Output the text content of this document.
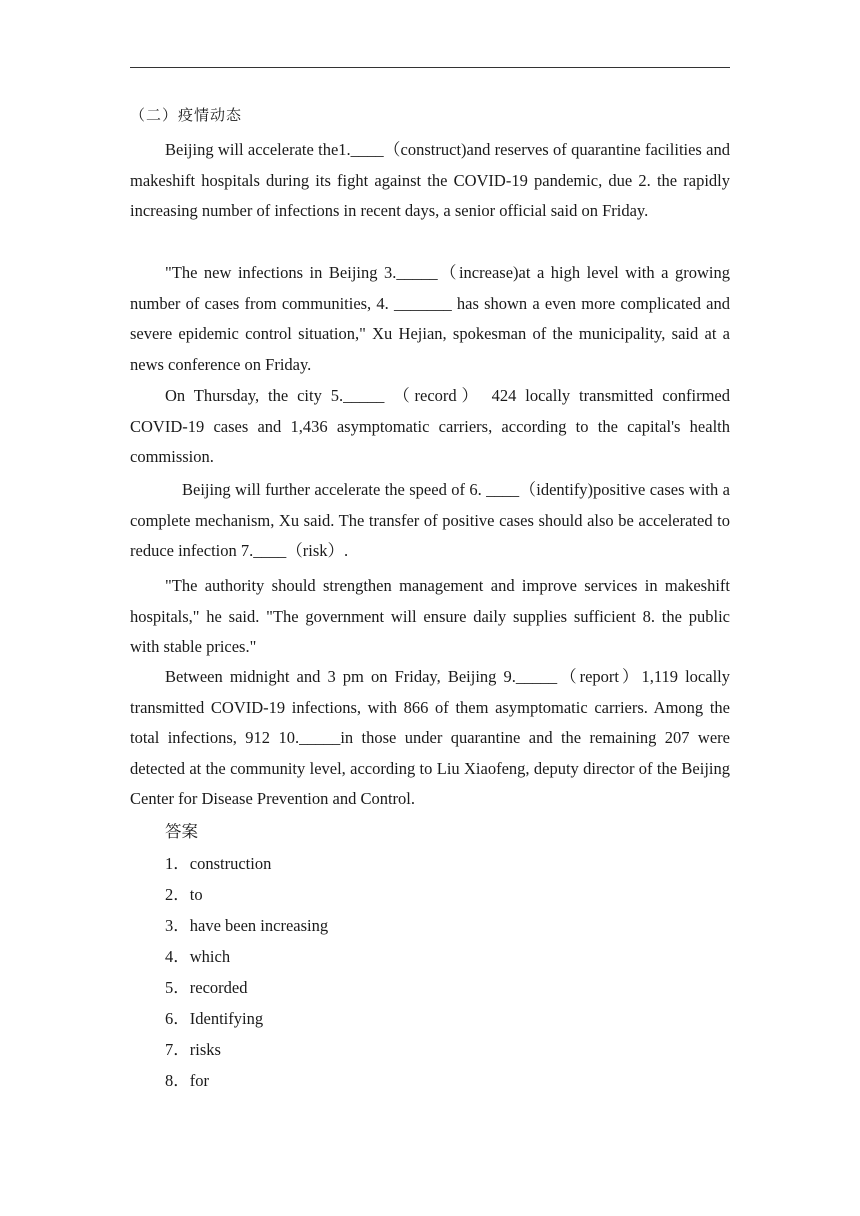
（二）疫情动态

Beijing will accelerate the1.____（construct)and reserves of quarantine facilities and makeshift hospitals during its fight against the COVID-19 pandemic, due 2. the rapidly increasing number of infections in recent days, a senior official said on Friday.

"The new infections in Beijing 3._____（increase)at a high level with a growing number of cases from communities, 4. _______ has shown a even more complicated and severe epidemic control situation," Xu Hejian, spokesman of the municipality, said at a news conference on Friday.

On Thursday, the city 5._____ （record） 424 locally transmitted confirmed COVID-19 cases and 1,436 asymptomatic carriers, according to the capital's health commission.

Beijing will further accelerate the speed of 6. ____（identify)positive cases with a complete mechanism, Xu said. The transfer of positive cases should also be accelerated to reduce infection 7.____（risk）.

"The authority should strengthen management and improve services in makeshift hospitals," he said. "The government will ensure daily supplies sufficient 8. the public with stable prices."

Between midnight and 3 pm on Friday, Beijing 9._____（report）1,119 locally transmitted COVID-19 infections, with 866 of them asymptomatic carriers. Among the total infections, 912 10._____in those under quarantine and the remaining 207 were detected at the community level, according to Liu Xiaofeng, deputy director of the Beijing Center for Disease Prevention and Control.

答案
1．construction
2．to
3．have been increasing
4．which
5．recorded
6．Identifying
7．risks
8．for
